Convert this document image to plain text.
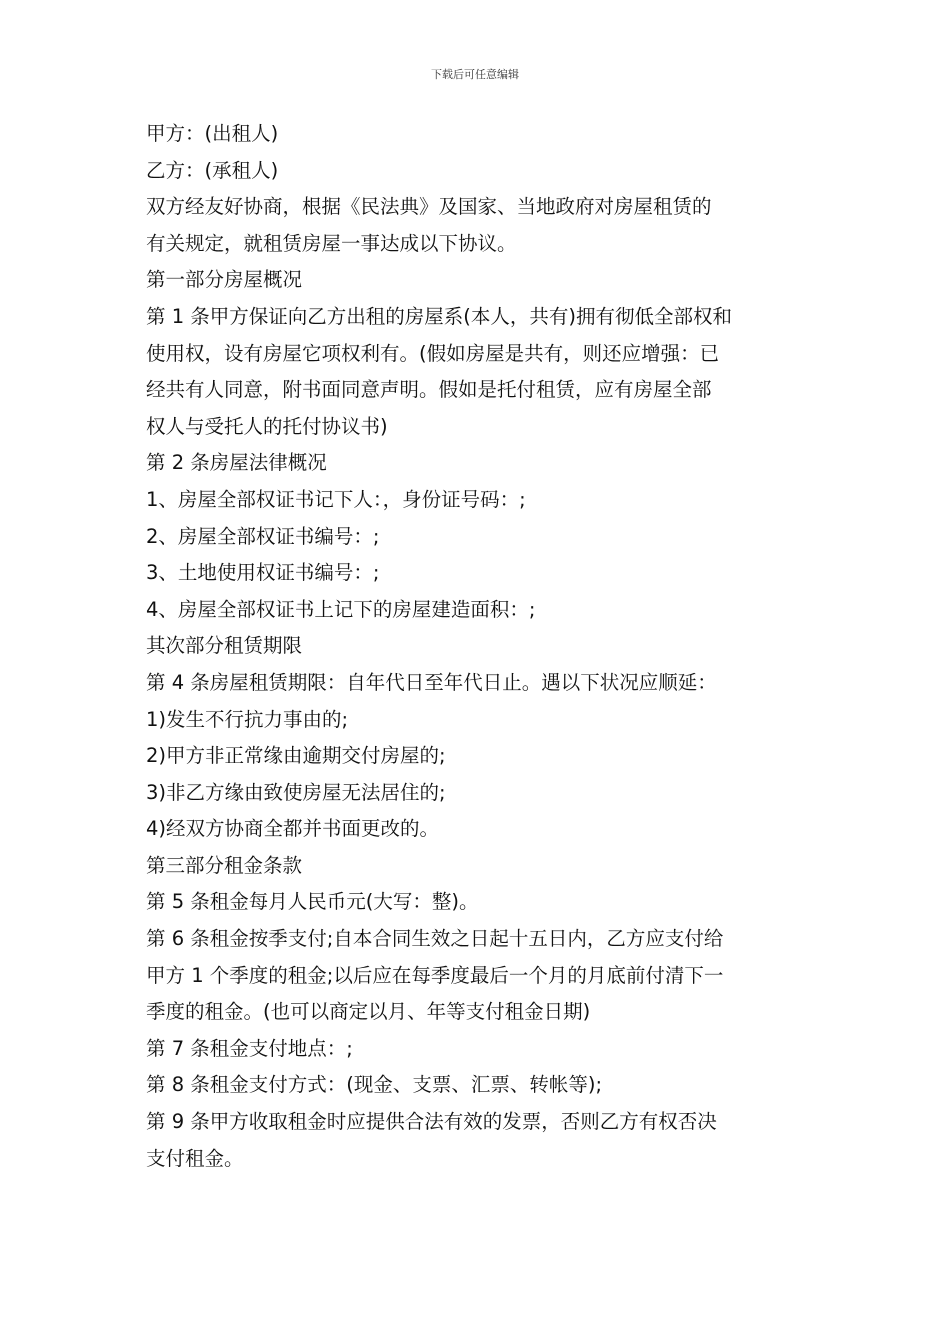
下载后可任意编辑
甲方：(出租人)
乙方：(承租人)
双方经友好协商，根据《民法典》及国家、当地政府对房屋租赁的
有关规定，就租赁房屋一事达成以下协议。
第一部分房屋概况
第 1 条甲方保证向乙方出租的房屋系(本人，共有)拥有彻低全部权和
使用权，设有房屋它项权利有。(假如房屋是共有，则还应增强：已
经共有人同意，附书面同意声明。假如是托付租赁，应有房屋全部
权人与受托人的托付协议书)
第 2 条房屋法律概况
1、房屋全部权证书记下人：，身份证号码：;
2、房屋全部权证书编号：;
3、土地使用权证书编号：;
4、房屋全部权证书上记下的房屋建造面积：;
其次部分租赁期限
第 4 条房屋租赁期限：自年代日至年代日止。遇以下状况应顺延：
1)发生不行抗力事由的;
2)甲方非正常缘由逾期交付房屋的;
3)非乙方缘由致使房屋无法居住的;
4)经双方协商全都并书面更改的。
第三部分租金条款
第 5 条租金每月人民币元(大写：整)。
第 6 条租金按季支付;自本合同生效之日起十五日内，乙方应支付给
甲方 1 个季度的租金;以后应在每季度最后一个月的月底前付清下一
季度的租金。(也可以商定以月、年等支付租金日期)
第 7 条租金支付地点：;
第 8 条租金支付方式：(现金、支票、汇票、转帐等);
第 9 条甲方收取租金时应提供合法有效的发票，否则乙方有权否决
支付租金。
